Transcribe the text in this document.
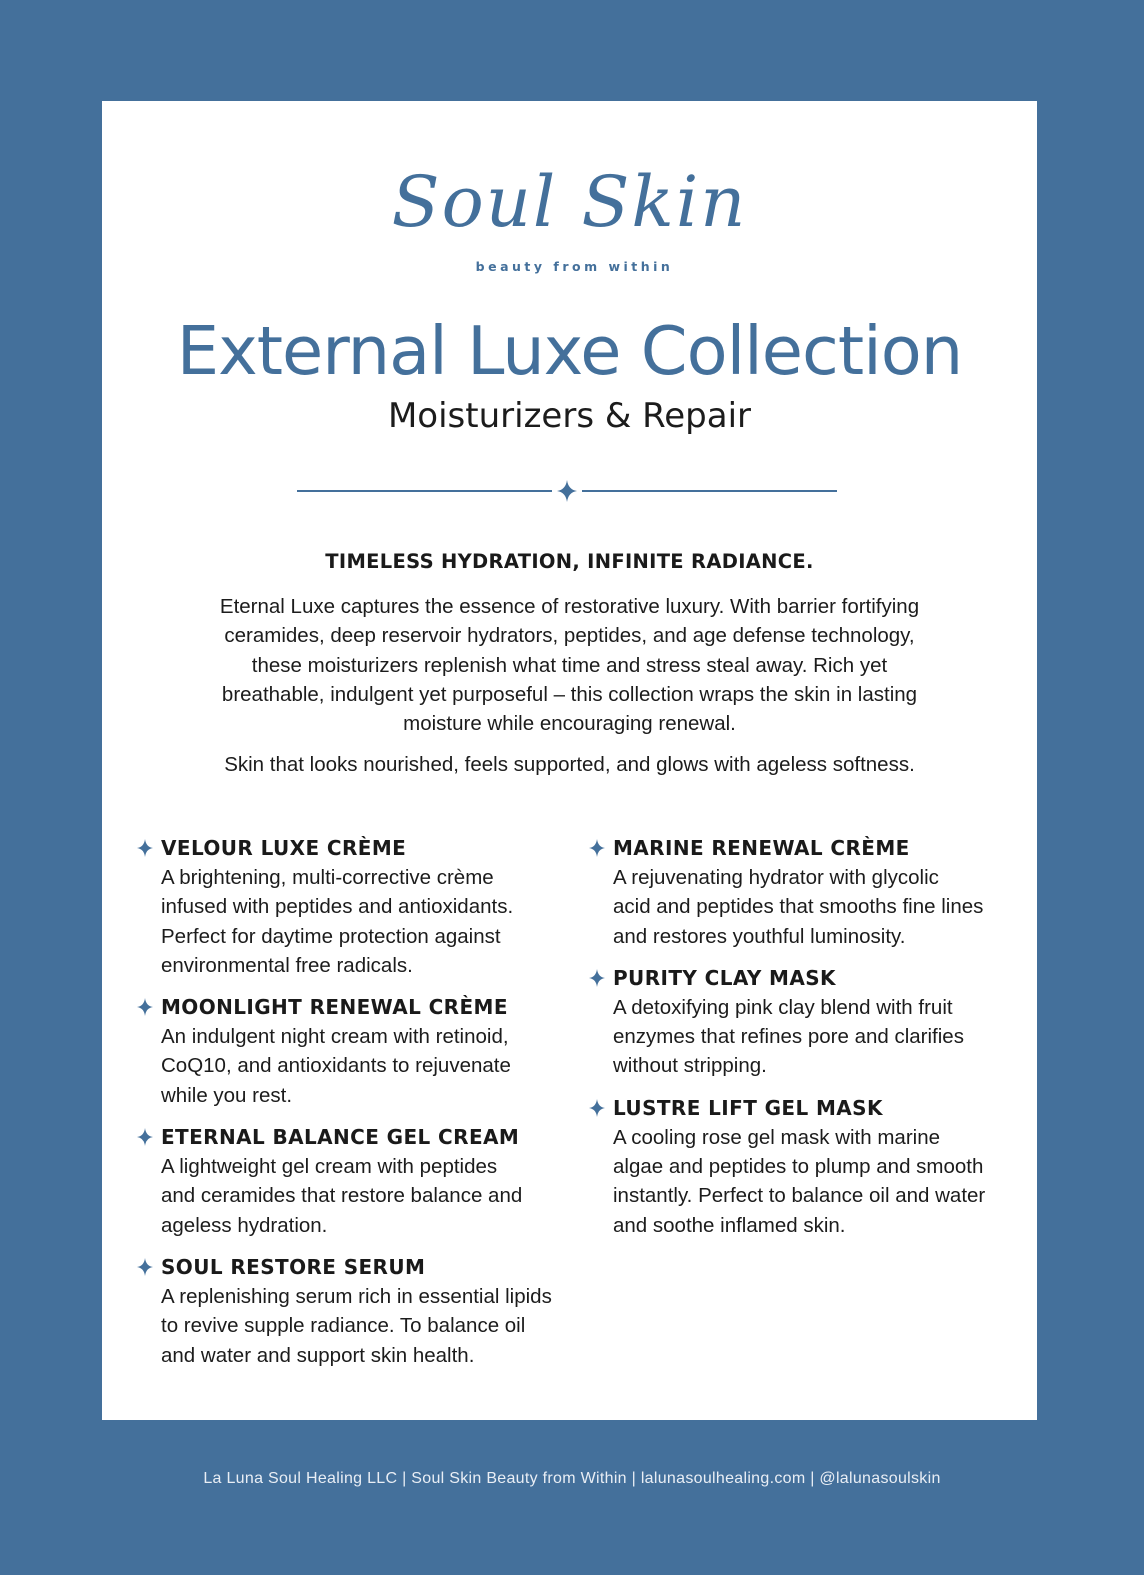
Soul Skin
beauty from within
External Luxe Collection
Moisturizers & Repair
TIMELESS HYDRATION, INFINITE RADIANCE.

Eternal Luxe captures the essence of restorative luxury. With barrier fortifying
ceramides, deep reservoir hydrators, peptides, and age defense technology,
these moisturizers replenish what time and stress steal away. Rich yet
breathable, indulgent yet purposeful – this collection wraps the skin in lasting
moisture while encouraging renewal.

Skin that looks nourished, feels supported, and glows with ageless softness.

VELOUR LUXE CRÈME

A brightening, multi-corrective crème
infused with peptides and antioxidants.
Perfect for daytime protection against
environmental free radicals.

MOONLIGHT RENEWAL CRÈME

An indulgent night cream with retinoid,
CoQ10, and antioxidants to rejuvenate
while you rest.

ETERNAL BALANCE GEL CREAM

A lightweight gel cream with peptides
and ceramides that restore balance and
ageless hydration.

SOUL RESTORE SERUM

A replenishing serum rich in essential lipids
to revive supple radiance. To balance oil
and water and support skin health.

MARINE RENEWAL CRÈME

A rejuvenating hydrator with glycolic
acid and peptides that smooths fine lines
and restores youthful luminosity.

PURITY CLAY MASK

A detoxifying pink clay blend with fruit
enzymes that refines pore and clarifies
without stripping.

LUSTRE LIFT GEL MASK

A cooling rose gel mask with marine
algae and peptides to plump and smooth
instantly. Perfect to balance oil and water
and soothe inflamed skin.

La Luna Soul Healing LLC | Soul Skin Beauty from Within | lalunasoulhealing.com | @lalunasoulskin
